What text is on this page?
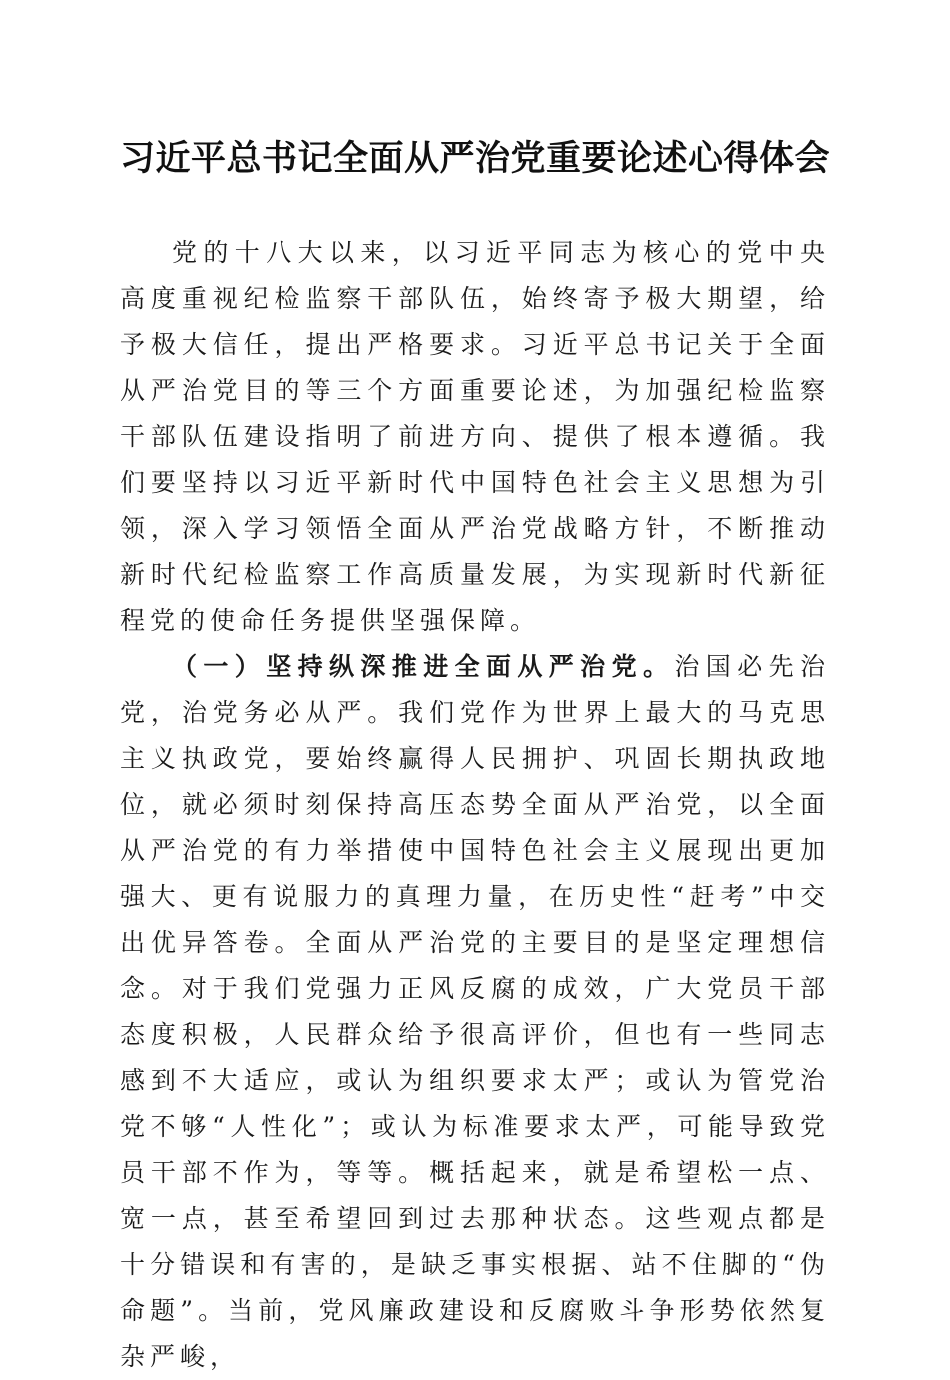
习近平总书记全面从严治党重要论述心得体会

党的十八大以来，以习近平同志为核心的党中央高度重视纪检监察干部队伍，始终寄予极大期望，给予极大信任，提出严格要求。习近平总书记关于全面从严治党目的等三个方面重要论述，为加强纪检监察干部队伍建设指明了前进方向、提供了根本遵循。我们要坚持以习近平新时代中国特色社会主义思想为引领，深入学习领悟全面从严治党战略方针，不断推动新时代纪检监察工作高质量发展，为实现新时代新征程党的使命任务提供坚强保障。

（一）坚持纵深推进全面从严治党。治国必先治党，治党务必从严。我们党作为世界上最大的马克思主义执政党，要始终赢得人民拥护、巩固长期执政地位，就必须时刻保持高压态势全面从严治党，以全面从严治党的有力举措使中国特色社会主义展现出更加强大、更有说服力的真理力量，在历史性“赶考”中交出优异答卷。全面从严治党的主要目的是坚定理想信念。对于我们党强力正风反腐的成效，广大党员干部态度积极，人民群众给予很高评价，但也有一些同志感到不大适应，或认为组织要求太严；或认为管党治党不够“人性化”；或认为标准要求太严，可能导致党员干部不作为，等等。概括起来，就是希望松一点、宽一点，甚至希望回到过去那种状态。这些观点都是十分错误和有害的，是缺乏事实根据、站不住脚的“伪命题”。当前，党风廉政建设和反腐败斗争形势依然复杂严峻，
